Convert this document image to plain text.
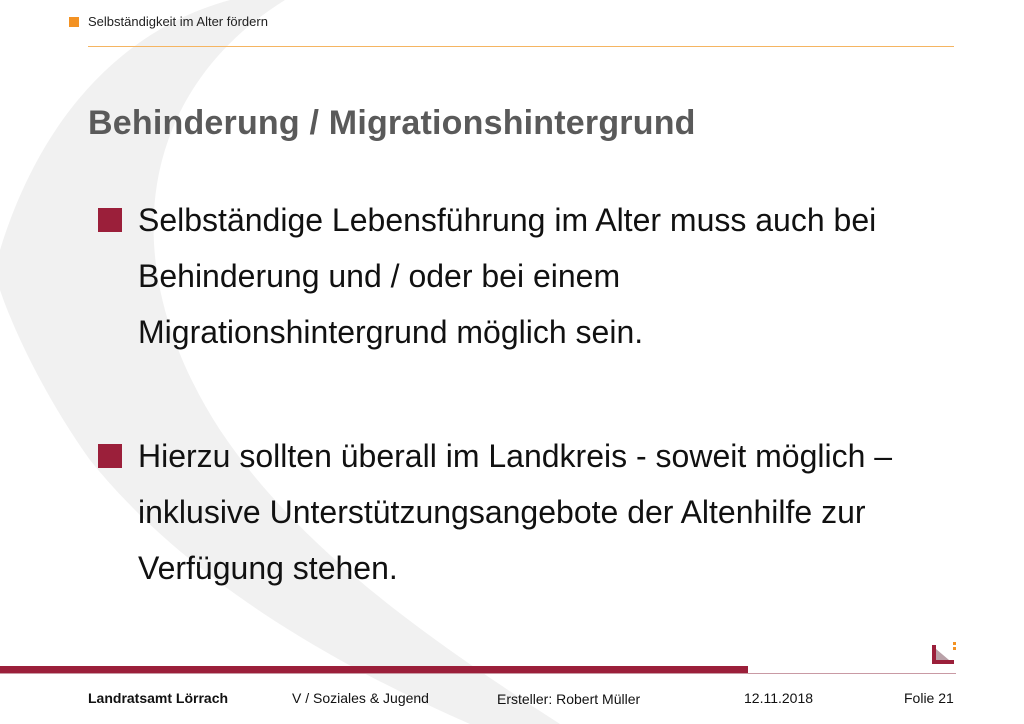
Selbständigkeit im Alter fördern
Behinderung / Migrationshintergrund
Selbständige Lebensführung im Alter muss auch bei Behinderung und / oder bei einem Migrationshintergrund möglich sein.
Hierzu sollten überall im Landkreis - soweit möglich – inklusive Unterstützungsangebote der Altenhilfe zur Verfügung stehen.
Landratsamt Lörrach	V / Soziales & Jugend	Ersteller: Robert Müller	12.11.2018	Folie 21
